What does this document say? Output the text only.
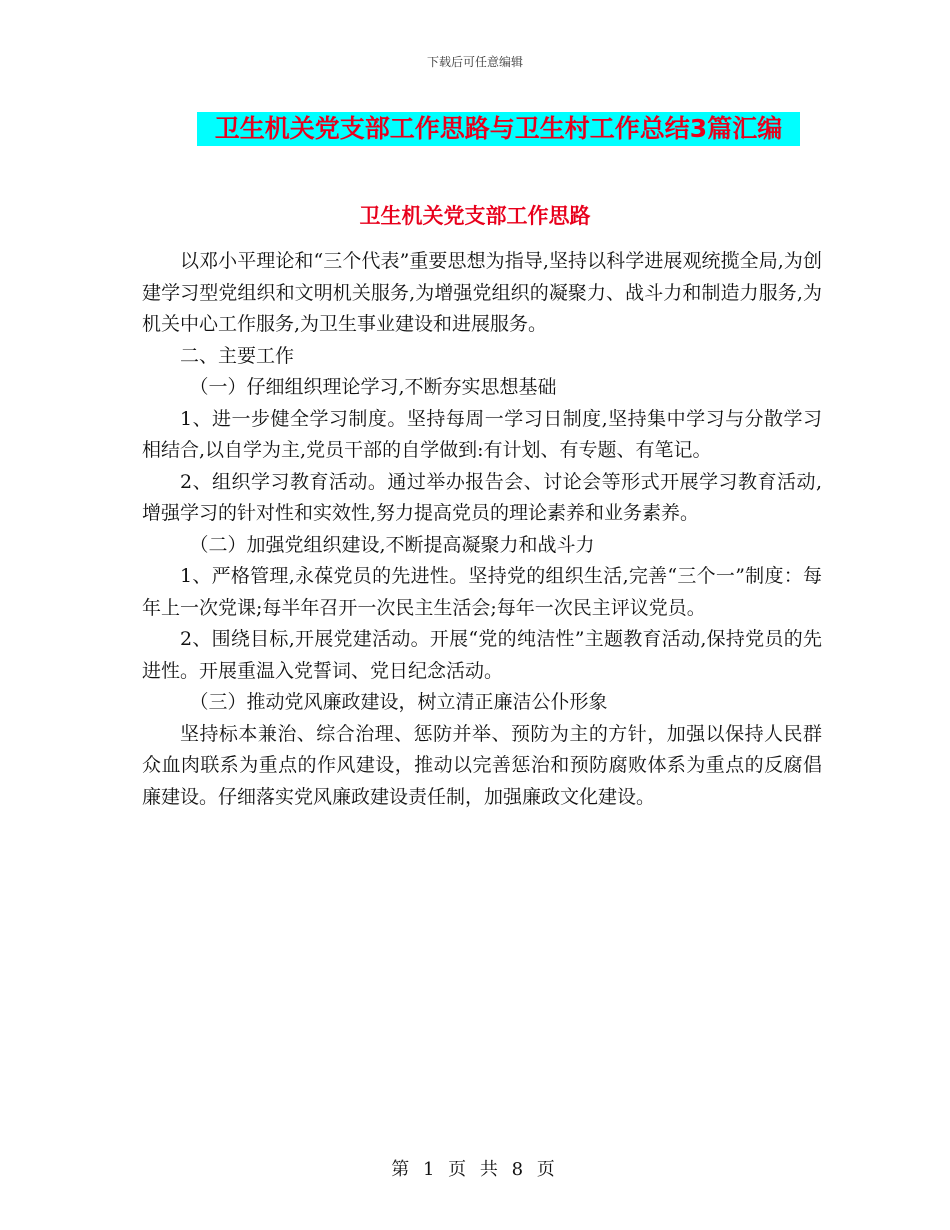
下载后可任意编辑
卫生机关党支部工作思路与卫生村工作总结3篇汇编
卫生机关党支部工作思路

以邓小平理论和“三个代表”重要思想为指导,坚持以科学进展观统揽全局,为创建学习型党组织和文明机关服务,为增强党组织的凝聚力、战斗力和制造力服务,为机关中心工作服务,为卫生事业建设和进展服务。

二、主要工作

（一）仔细组织理论学习,不断夯实思想基础

1、进一步健全学习制度。坚持每周一学习日制度,坚持集中学习与分散学习相结合,以自学为主,党员干部的自学做到:有计划、有专题、有笔记。

2、组织学习教育活动。通过举办报告会、讨论会等形式开展学习教育活动,增强学习的针对性和实效性,努力提高党员的理论素养和业务素养。

（二）加强党组织建设,不断提高凝聚力和战斗力

1、严格管理,永葆党员的先进性。坚持党的组织生活,完善“三个一”制度：每年上一次党课;每半年召开一次民主生活会;每年一次民主评议党员。

2、围绕目标,开展党建活动。开展“党的纯洁性”主题教育活动,保持党员的先进性。开展重温入党誓词、党日纪念活动。

（三）推动党风廉政建设，树立清正廉洁公仆形象

坚持标本兼治、综合治理、惩防并举、预防为主的方针，加强以保持人民群众血肉联系为重点的作风建设，推动以完善惩治和预防腐败体系为重点的反腐倡廉建设。仔细落实党风廉政建设责任制，加强廉政文化建设。

第 1 页 共 8 页
